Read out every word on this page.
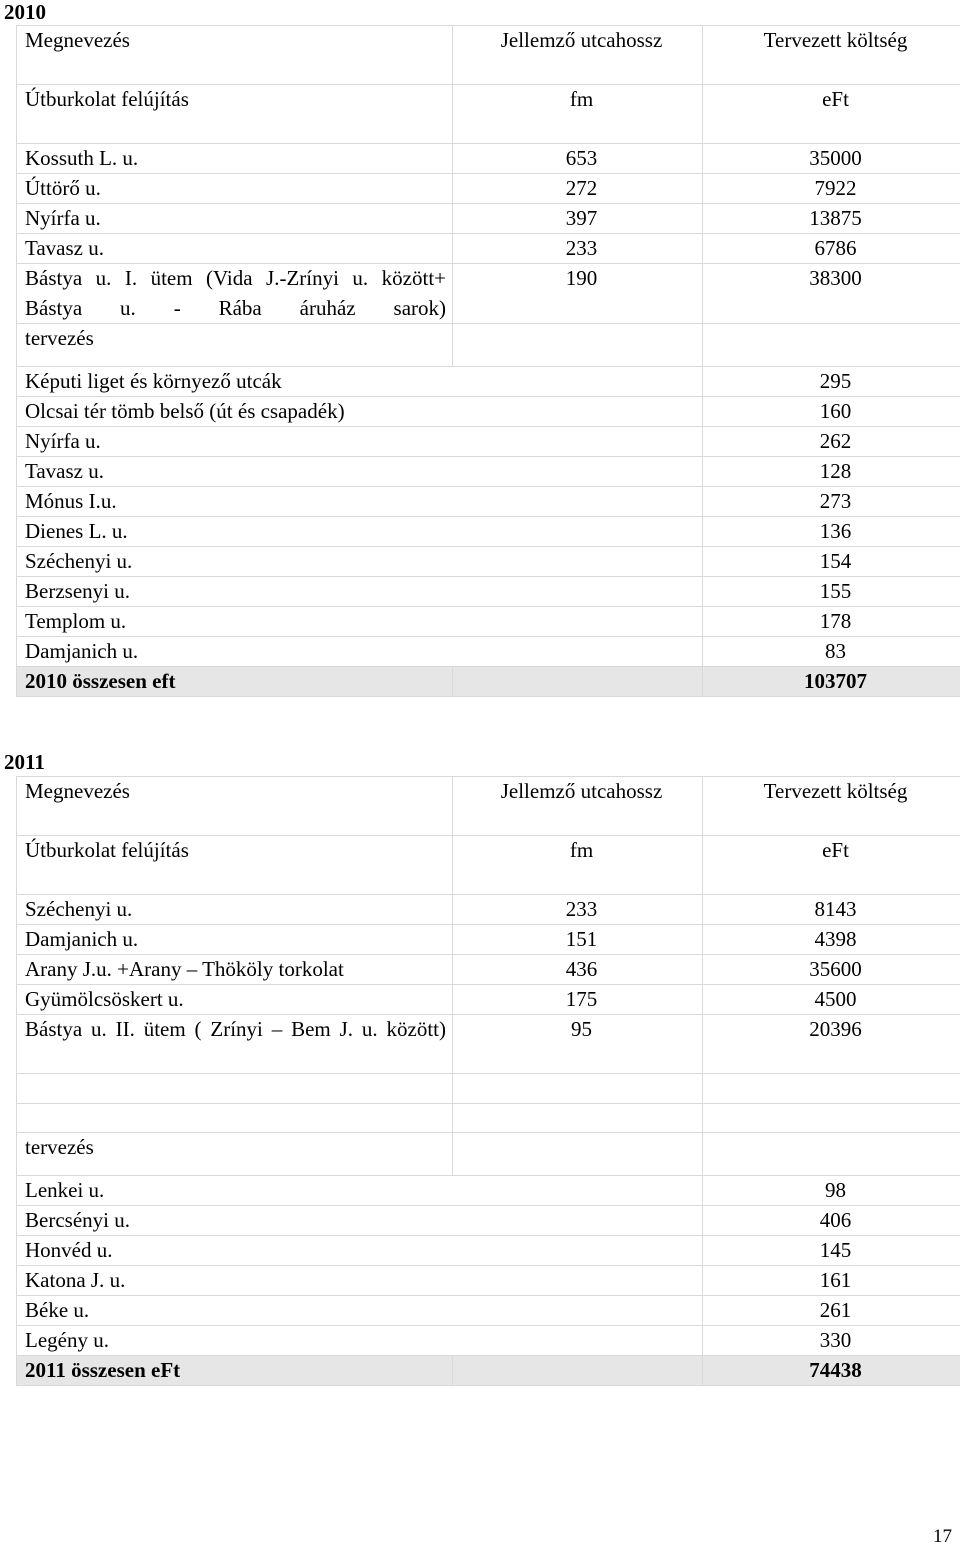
2010
Megnevezés	Jellemző utcahossz	Tervezett költség
Útburkolat felújítás	fm	eFt
Kossuth L. u.	653	35000
Úttörő u.	272	7922
Nyírfa u.	397	13875
Tavasz u.	233	6786
Bástya u. I. ütem (Vida J.-Zrínyi u. között+ Bástya u. - Rába áruház sarok)	190	38300
tervezés		
Képuti liget és környező utcák		295
Olcsai tér tömb belső (út és csapadék)		160
Nyírfa u.		262
Tavasz u.		128
Mónus I.u.		273
Dienes L. u.		136
Széchenyi u.		154
Berzsenyi u.		155
Templom u.		178
Damjanich u.		83
2010 összesen eft		103707
2011
Megnevezés	Jellemző utcahossz	Tervezett költség
Útburkolat felújítás	fm	eFt
Széchenyi u.	233	8143
Damjanich u.	151	4398
Arany J.u. +Arany – Thököly torkolat	436	35600
Gyümölcsöskert u.	175	4500
Bástya u. II. ütem ( Zrínyi – Bem J. u. között)	95	20396

tervezés		
Lenkei u.		98
Bercsényi u.		406
Honvéd u.		145
Katona J. u.		161
Béke u.		261
Legény u.		330
2011 összesen eFt		74438
17
